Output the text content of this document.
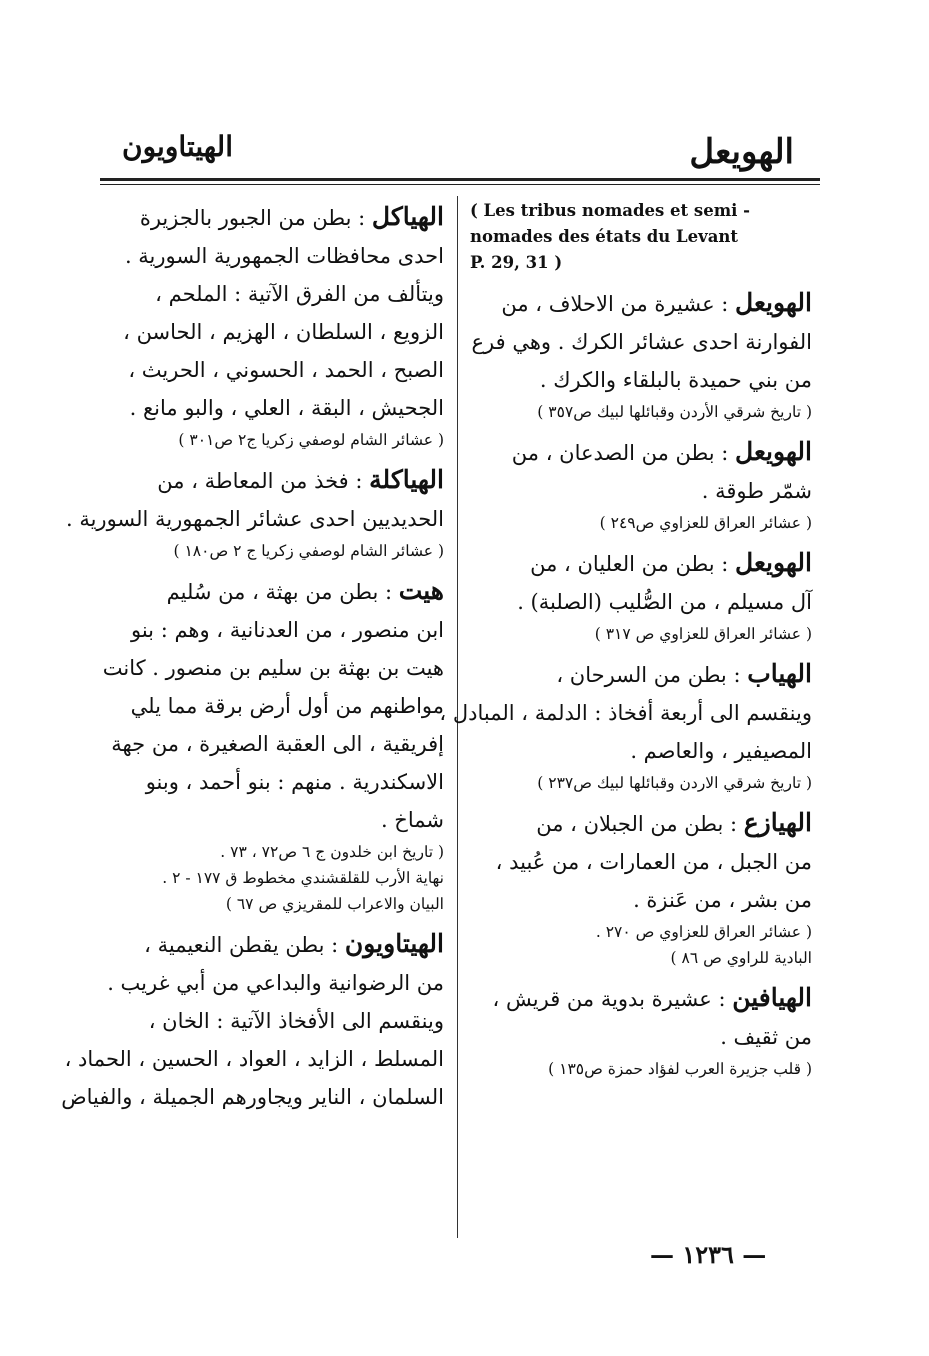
الهويعل
الهيتاويون
( Les tribus nomades et semi -
nomades des états du Levant
P. 29, 31 )
الهويعل : عشيرة من الاحلاف ، من
الفوارنة احدى عشائر الكرك . وهي فرع
من بني حميدة بالبلقاء والكرك .
( تاريخ شرقي الأردن وقبائلها لبيك ص٣٥٧ )
الهويعل : بطن من الصدعان ، من
شمّر طوقة .
( عشائر العراق للعزاوي ص٢٤٩ )
الهويعل : بطن من العليان ، من
آل مسيلم ، من الصُّليب (الصلبة) .
( عشائر العراق للعزاوي ص ٣١٧ )
الهياب : بطن من السرحان ،
وينقسم الى أربعة أفخاذ : الدلمة ، المبادل ،
المصيفير ، والعاصم .
( تاريخ شرقي الاردن وقبائلها لبيك ص٢٣٧ )
الهيازع : بطن من الجبلان ، من
من الجبل ، من العمارات ، من عُبيد ،
من بشر ، من عَنزة .
( عشائر العراق للعزاوي ص ٢٧٠ .
البادية للراوي ص ٨٦ )
الهيافين : عشيرة بدوية من قريش ،
من ثقيف .
( قلب جزيرة العرب لفؤاد حمزة ص١٣٥ )
الهياكل : بطن من الجبور بالجزيرة
احدى محافظات الجمهورية السورية .
ويتألف من الفرق الآتية : الملحم ،
الزويع ، السلطان ، الهزيم ، الحاسن ،
الصبح ، الحمد ، الحسوني ، الحريث ،
الجحيش ، البقة ، العلي ، والبو مانع .
( عشائر الشام لوصفي زكريا ج٢ ص٣٠١ )
الهياكلة : فخذ من المعاطة ، من
الحديديين احدى عشائر الجمهورية السورية .
( عشائر الشام لوصفي زكريا ج ٢ ص١٨٠ )
هيت : بطن من بهثة ، من سُليم
ابن منصور ، من العدنانية ، وهم : بنو
هيت بن بهثة بن سليم بن منصور . كانت
مواطنهم من أول أرض برقة مما يلي
إفريقية ، الى العقبة الصغيرة ، من جهة
الاسكندرية . منهم : بنو أحمد ، وبنو
شماخ .
( تاريخ ابن خلدون ج ٦ ص٧٢ ، ٧٣ .
نهاية الأرب للقلقشندي مخطوط ق ١٧٧ - ٢ .
البيان والاعراب للمقريزي ص ٦٧ )
الهيتاويون : بطن يقطن النعيمية ،
من الرضوانية والبداعي من أبي غريب .
وينقسم الى الأفخاذ الآتية : الخان ،
المسلط ، الزايد ، العواد ، الحسين ، الحماد ،
السلمان ، الناير ويجاورهم الجميلة ، والفياض
— ١٢٣٦ —
